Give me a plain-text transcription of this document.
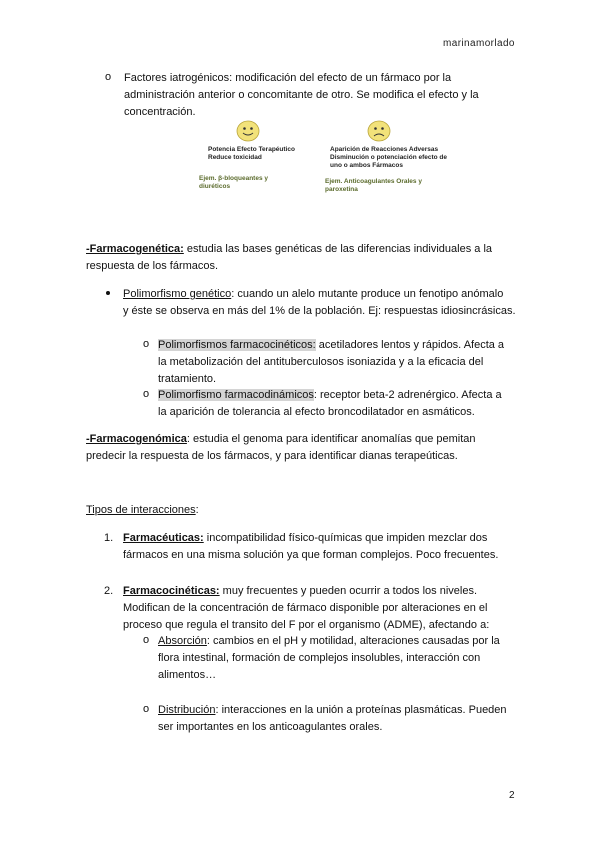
marinamorlado
o Factores iatrogénicos: modificación del efecto de un fármaco por la
administración anterior o concomitante de otro. Se modifica el efecto y la
concentración.
Potencia Efecto Terapéutico
Reduce toxicidad
Ejem. β-bloqueantes y
diuréticos
Aparición de Reacciones Adversas
Disminución o potenciación efecto de
uno o ambos Fármacos
Ejem. Anticoagulantes Orales y
paroxetina
-Farmacogenética: estudia las bases genéticas de las diferencias individuales a la
respuesta de los fármacos.
Polimorfismo genético: cuando un alelo mutante produce un fenotipo anómalo
y éste se observa en más del 1% de la población. Ej: respuestas idiosincrásicas.
o Polimorfismos farmacocinéticos: acetiladores lentos y rápidos. Afecta a
la metabolización del antituberculosos isoniazida y a la eficacia del
tratamiento.
o Polimorfismo farmacodinámicos: receptor beta-2 adrenérgico. Afecta a
la aparición de tolerancia al efecto broncodilatador en asmáticos.
-Farmacogenómica: estudia el genoma para identificar anomalías que pemitan
predecir la respuesta de los fármacos, y para identificar dianas terapeúticas.
Tipos de interacciones:
1. Farmacéuticas: incompatibilidad físico-químicas que impiden mezclar dos
fármacos en una misma solución ya que forman complejos. Poco frecuentes.
2. Farmacocinéticas: muy frecuentes y pueden ocurrir a todos los niveles.
Modifican de la concentración de fármaco disponible por alteraciones en el
proceso que regula el transito del F por el organismo (ADME), afectando a:
o Absorción: cambios en el pH y motilidad, alteraciones causadas por la
flora intestinal, formación de complejos insolubles, interacción con
alimentos…
o Distribución: interacciones en la unión a proteínas plasmáticas. Pueden
ser importantes en los anticoagulantes orales.
2
